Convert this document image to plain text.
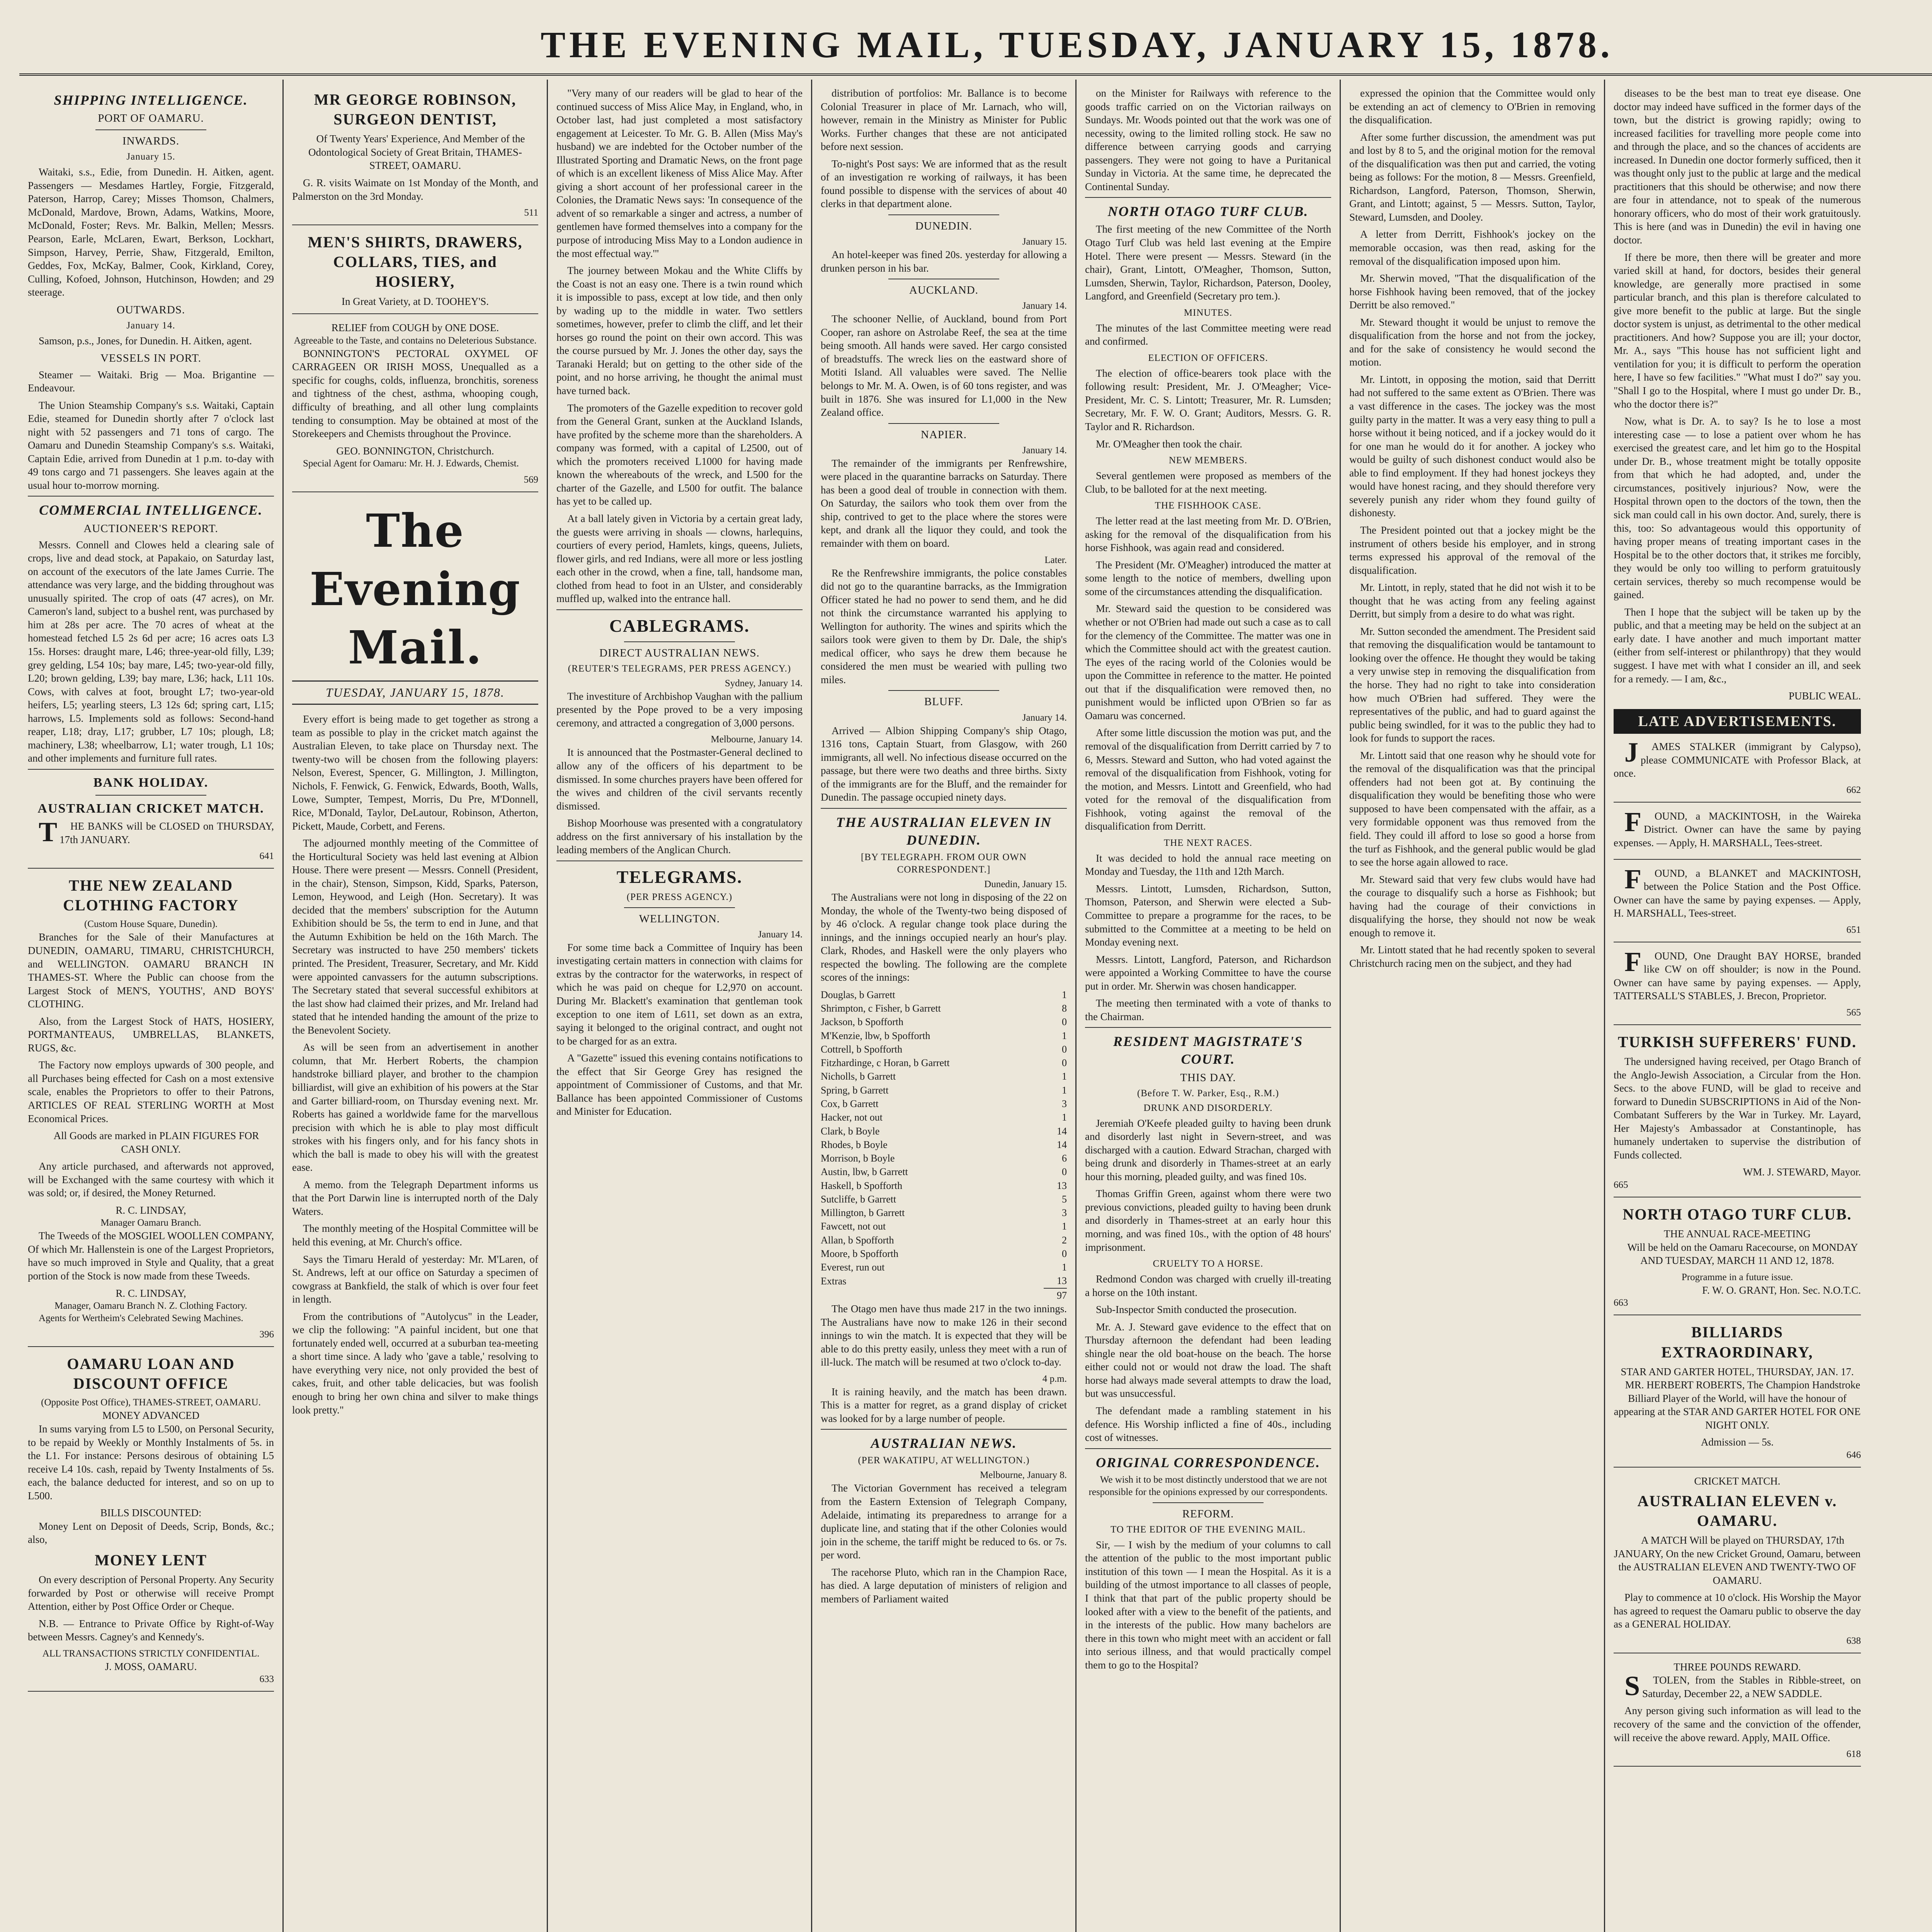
THE EVENING MAIL, TUESDAY, JANUARY 15, 1878.
SHIPPING INTELLIGENCE.
PORT OF OAMARU.
INWARDS.
January 15.

Waitaki, s.s., Edie, from Dunedin. H. Aitken, agent. Passengers — Mesdames Hartley, Forgie, Fitzgerald, Paterson, Harrop, Carey; Misses Thomson, Chalmers, McDonald, Mardove, Brown, Adams, Watkins, Moore, McDonald, Foster; Revs. Mr. Balkin, Mellen; Messrs. Pearson, Earle, McLaren, Ewart, Berkson, Lockhart, Simpson, Harvey, Perrie, Shaw, Fitzgerald, Emilton, Geddes, Fox, McKay, Balmer, Cook, Kirkland, Corey, Culling, Kofoed, Johnson, Hutchinson, Howden; and 29 steerage.

OUTWARDS.
January 14.

Samson, p.s., Jones, for Dunedin. H. Aitken, agent.

VESSELS IN PORT.

Steamer — Waitaki. Brig — Moa. Brigantine — Endeavour.

The Union Steamship Company's s.s. Waitaki, Captain Edie, steamed for Dunedin shortly after 7 o'clock last night with 52 passengers and 71 tons of cargo. The Oamaru and Dunedin Steamship Company's s.s. Waitaki, Captain Edie, arrived from Dunedin at 1 p.m. to-day with 49 tons cargo and 71 passengers. She leaves again at the usual hour to-morrow morning.

COMMERCIAL INTELLIGENCE.
AUCTIONEER'S REPORT.

Messrs. Connell and Clowes held a clearing sale of crops, live and dead stock, at Papakaio, on Saturday last, on account of the executors of the late James Currie. The attendance was very large, and the bidding throughout was unusually spirited. The crop of oats (47 acres), on Mr. Cameron's land, subject to a bushel rent, was purchased by him at 28s per acre. The 70 acres of wheat at the homestead fetched L5 2s 6d per acre; 16 acres oats L3 15s. Horses: draught mare, L46; three-year-old filly, L39; grey gelding, L54 10s; bay mare, L45; two-year-old filly, L20; brown gelding, L39; bay mare, L36; hack, L11 10s. Cows, with calves at foot, brought L7; two-year-old heifers, L5; yearling steers, L3 12s 6d; spring cart, L15; harrows, L5. Implements sold as follows: Second-hand reaper, L18; dray, L17; grubber, L7 10s; plough, L8; machinery, L38; wheelbarrow, L1; water trough, L1 10s; and other implements and furniture full rates.

BANK HOLIDAY.
AUSTRALIAN CRICKET MATCH.

THE BANKS will be CLOSED on THURSDAY, 17th JANUARY.

641
THE NEW ZEALAND CLOTHING FACTORY
(Custom House Square, Dunedin).

Branches for the Sale of their Manufactures at DUNEDIN, OAMARU, TIMARU, CHRISTCHURCH, and WELLINGTON. OAMARU BRANCH IN THAMES-ST. Where the Public can choose from the Largest Stock of MEN'S, YOUTHS', AND BOYS' CLOTHING.

Also, from the Largest Stock of HATS, HOSIERY, PORTMANTEAUS, UMBRELLAS, BLANKETS, RUGS, &c.

The Factory now employs upwards of 300 people, and all Purchases being effected for Cash on a most extensive scale, enables the Proprietors to offer to their Patrons, ARTICLES OF REAL STERLING WORTH at Most Economical Prices.

All Goods are marked in PLAIN FIGURES FOR CASH ONLY.

Any article purchased, and afterwards not approved, will be Exchanged with the same courtesy with which it was sold; or, if desired, the Money Returned.

R. C. LINDSAY,
Manager Oamaru Branch.

The Tweeds of the MOSGIEL WOOLLEN COMPANY, Of which Mr. Hallenstein is one of the Largest Proprietors, have so much improved in Style and Quality, that a great portion of the Stock is now made from these Tweeds.

R. C. LINDSAY,
Manager, Oamaru Branch N. Z. Clothing Factory.

Agents for Wertheim's Celebrated Sewing Machines.

396
OAMARU LOAN AND DISCOUNT OFFICE
(Opposite Post Office), THAMES-STREET, OAMARU.
MONEY ADVANCED

In sums varying from L5 to L500, on Personal Security, to be repaid by Weekly or Monthly Instalments of 5s. in the L1. For instance: Persons desirous of obtaining L5 receive L4 10s. cash, repaid by Twenty Instalments of 5s. each, the balance deducted for interest, and so on up to L500.

BILLS DISCOUNTED:

Money Lent on Deposit of Deeds, Scrip, Bonds, &c.; also,

MONEY LENT

On every description of Personal Property. Any Security forwarded by Post or otherwise will receive Prompt Attention, either by Post Office Order or Cheque.

N.B. — Entrance to Private Office by Right-of-Way between Messrs. Cagney's and Kennedy's.

ALL TRANSACTIONS STRICTLY CONFIDENTIAL.
J. MOSS, OAMARU.
633
MR GEORGE ROBINSON, SURGEON DENTIST,

Of Twenty Years' Experience, And Member of the Odontological Society of Great Britain, THAMES-STREET, OAMARU.

G. R. visits Waimate on 1st Monday of the Month, and Palmerston on the 3rd Monday.

511
MEN'S SHIRTS, DRAWERS, COLLARS, TIES, and HOSIERY,
In Great Variety, at D. TOOHEY'S.
RELIEF from COUGH by ONE DOSE.
Agreeable to the Taste, and contains no Deleterious Substance.

BONNINGTON'S PECTORAL OXYMEL OF CARRAGEEN OR IRISH MOSS, Unequalled as a specific for coughs, colds, influenza, bronchitis, soreness and tightness of the chest, asthma, whooping cough, difficulty of breathing, and all other lung complaints tending to consumption. May be obtained at most of the Storekeepers and Chemists throughout the Province.

GEO. BONNINGTON, Christchurch.

Special Agent for Oamaru: Mr. H. J. Edwards, Chemist.

569
The Evening Mail.
TUESDAY, JANUARY 15, 1878.

Every effort is being made to get together as strong a team as possible to play in the cricket match against the Australian Eleven, to take place on Thursday next. The twenty-two will be chosen from the following players: Nelson, Everest, Spencer, G. Millington, J. Millington, Nichols, F. Fenwick, G. Fenwick, Edwards, Booth, Walls, Lowe, Sumpter, Tempest, Morris, Du Pre, M'Donnell, Rice, M'Donald, Taylor, DeLautour, Robinson, Atherton, Pickett, Maude, Corbett, and Ferens.

The adjourned monthly meeting of the Committee of the Horticultural Society was held last evening at Albion House. There were present — Messrs. Connell (President, in the chair), Stenson, Simpson, Kidd, Sparks, Paterson, Lemon, Heywood, and Leigh (Hon. Secretary). It was decided that the members' subscription for the Autumn Exhibition should be 5s, the term to end in June, and that the Autumn Exhibition be held on the 16th March. The Secretary was instructed to have 250 members' tickets printed. The President, Treasurer, Secretary, and Mr. Kidd were appointed canvassers for the autumn subscriptions. The Secretary stated that several successful exhibitors at the last show had claimed their prizes, and Mr. Ireland had stated that he intended handing the amount of the prize to the Benevolent Society.

As will be seen from an advertisement in another column, that Mr. Herbert Roberts, the champion handstroke billiard player, and brother to the champion billiardist, will give an exhibition of his powers at the Star and Garter billiard-room, on Thursday evening next. Mr. Roberts has gained a worldwide fame for the marvellous precision with which he is able to play most difficult strokes with his fingers only, and for his fancy shots in which the ball is made to obey his will with the greatest ease.

A memo. from the Telegraph Department informs us that the Port Darwin line is interrupted north of the Daly Waters.

The monthly meeting of the Hospital Committee will be held this evening, at Mr. Church's office.

Says the Timaru Herald of yesterday: Mr. M'Laren, of St. Andrews, left at our office on Saturday a specimen of cowgrass at Bankfield, the stalk of which is over four feet in length.

From the contributions of "Autolycus" in the Leader, we clip the following: "A painful incident, but one that fortunately ended well, occurred at a suburban tea-meeting a short time since. A lady who 'gave a table,' resolving to have everything very nice, not only provided the best of cakes, fruit, and other table delicacies, but was foolish enough to bring her own china and silver to make things look pretty."

"Very many of our readers will be glad to hear of the continued success of Miss Alice May, in England, who, in October last, had just completed a most satisfactory engagement at Leicester. To Mr. G. B. Allen (Miss May's husband) we are indebted for the October number of the Illustrated Sporting and Dramatic News, on the front page of which is an excellent likeness of Miss Alice May. After giving a short account of her professional career in the Colonies, the Dramatic News says: 'In consequence of the advent of so remarkable a singer and actress, a number of gentlemen have formed themselves into a company for the purpose of introducing Miss May to a London audience in the most effectual way.'"

The journey between Mokau and the White Cliffs by the Coast is not an easy one. There is a twin round which it is impossible to pass, except at low tide, and then only by wading up to the middle in water. Two settlers sometimes, however, prefer to climb the cliff, and let their horses go round the point on their own accord. This was the course pursued by Mr. J. Jones the other day, says the Taranaki Herald; but on getting to the other side of the point, and no horse arriving, he thought the animal must have turned back.

The promoters of the Gazelle expedition to recover gold from the General Grant, sunken at the Auckland Islands, have profited by the scheme more than the shareholders. A company was formed, with a capital of L2500, out of which the promoters received L1000 for having made known the whereabouts of the wreck, and L500 for the charter of the Gazelle, and L500 for outfit. The balance has yet to be called up.

At a ball lately given in Victoria by a certain great lady, the guests were arriving in shoals — clowns, harlequins, courtiers of every period, Hamlets, kings, queens, Juliets, flower girls, and red Indians, were all more or less jostling each other in the crowd, when a fine, tall, handsome man, clothed from head to foot in an Ulster, and considerably muffled up, walked into the entrance hall.

CABLEGRAMS.
DIRECT AUSTRALIAN NEWS.
(REUTER'S TELEGRAMS, PER PRESS AGENCY.)
Sydney, January 14.

The investiture of Archbishop Vaughan with the pallium presented by the Pope proved to be a very imposing ceremony, and attracted a congregation of 3,000 persons.

Melbourne, January 14.

It is announced that the Postmaster-General declined to allow any of the officers of his department to be dismissed. In some churches prayers have been offered for the wives and children of the civil servants recently dismissed.

Bishop Moorhouse was presented with a congratulatory address on the first anniversary of his installation by the leading members of the Anglican Church.

TELEGRAMS.
(PER PRESS AGENCY.)
WELLINGTON.
January 14.

For some time back a Committee of Inquiry has been investigating certain matters in connection with claims for extras by the contractor for the waterworks, in respect of which he was paid on cheque for L2,970 on account. During Mr. Blackett's examination that gentleman took exception to one item of L611, set down as an extra, saying it belonged to the original contract, and ought not to be charged for as an extra.

A "Gazette" issued this evening contains notifications to the effect that Sir George Grey has resigned the appointment of Commissioner of Customs, and that Mr. Ballance has been appointed Commissioner of Customs and Minister for Education.

distribution of portfolios: Mr. Ballance is to become Colonial Treasurer in place of Mr. Larnach, who will, however, remain in the Ministry as Minister for Public Works. Further changes that these are not anticipated before next session.

To-night's Post says: We are informed that as the result of an investigation re working of railways, it has been found possible to dispense with the services of about 40 clerks in that department alone.

DUNEDIN.
January 15.

An hotel-keeper was fined 20s. yesterday for allowing a drunken person in his bar.

AUCKLAND.
January 14.

The schooner Nellie, of Auckland, bound from Port Cooper, ran ashore on Astrolabe Reef, the sea at the time being smooth. All hands were saved. Her cargo consisted of breadstuffs. The wreck lies on the eastward shore of Motiti Island. All valuables were saved. The Nellie belongs to Mr. M. A. Owen, is of 60 tons register, and was built in 1876. She was insured for L1,000 in the New Zealand office.

NAPIER.
January 14.

The remainder of the immigrants per Renfrewshire, were placed in the quarantine barracks on Saturday. There has been a good deal of trouble in connection with them. On Saturday, the sailors who took them over from the ship, contrived to get to the place where the stores were kept, and drank all the liquor they could, and took the remainder with them on board.

Later.

Re the Renfrewshire immigrants, the police constables did not go to the quarantine barracks, as the Immigration Officer stated he had no power to send them, and he did not think the circumstance warranted his applying to Wellington for authority. The wines and spirits which the sailors took were given to them by Dr. Dale, the ship's medical officer, who says he drew them because he considered the men must be wearied with pulling two miles.

BLUFF.
January 14.

Arrived — Albion Shipping Company's ship Otago, 1316 tons, Captain Stuart, from Glasgow, with 260 immigrants, all well. No infectious disease occurred on the passage, but there were two deaths and three births. Sixty of the immigrants are for the Bluff, and the remainder for Dunedin. The passage occupied ninety days.

THE AUSTRALIAN ELEVEN IN DUNEDIN.
[BY TELEGRAPH. FROM OUR OWN CORRESPONDENT.]
Dunedin, January 15.

The Australians were not long in disposing of the 22 on Monday, the whole of the Twenty-two being disposed of by 46 o'clock. A regular change took place during the innings, and the innings occupied nearly an hour's play. Clark, Rhodes, and Haskell were the only players who respected the bowling. The following are the complete scores of the innings:

Douglas, b Garrett	1
Shrimpton, c Fisher, b Garrett	8
Jackson, b Spofforth	0
M'Kenzie, lbw, b Spofforth	1
Cottrell, b Spofforth	0
Fitzhardinge, c Horan, b Garrett	0
Nicholls, b Garrett	1
Spring, b Garrett	1
Cox, b Garrett	3
Hacker, not out	1
Clark, b Boyle	14
Rhodes, b Boyle	14
Morrison, b Boyle	6
Austin, lbw, b Garrett	0
Haskell, b Spofforth	13
Sutcliffe, b Garrett	5
Millington, b Garrett	3
Fawcett, not out	1
Allan, b Spofforth	2
Moore, b Spofforth	0
Everest, run out	1
Extras	13
	97

The Otago men have thus made 217 in the two innings. The Australians have now to make 126 in their second innings to win the match. It is expected that they will be able to do this pretty easily, unless they meet with a run of ill-luck. The match will be resumed at two o'clock to-day.

4 p.m.

It is raining heavily, and the match has been drawn. This is a matter for regret, as a grand display of cricket was looked for by a large number of people.

AUSTRALIAN NEWS.
(PER WAKATIPU, AT WELLINGTON.)
Melbourne, January 8.

The Victorian Government has received a telegram from the Eastern Extension of Telegraph Company, Adelaide, intimating its preparedness to arrange for a duplicate line, and stating that if the other Colonies would join in the scheme, the tariff might be reduced to 6s. or 7s. per word.

The racehorse Pluto, which ran in the Champion Race, has died. A large deputation of ministers of religion and members of Parliament waited

on the Minister for Railways with reference to the goods traffic carried on on the Victorian railways on Sundays. Mr. Woods pointed out that the work was one of necessity, owing to the limited rolling stock. He saw no difference between carrying goods and carrying passengers. They were not going to have a Puritanical Sunday in Victoria. At the same time, he deprecated the Continental Sunday.

NORTH OTAGO TURF CLUB.

The first meeting of the new Committee of the North Otago Turf Club was held last evening at the Empire Hotel. There were present — Messrs. Steward (in the chair), Grant, Lintott, O'Meagher, Thomson, Sutton, Lumsden, Sherwin, Taylor, Richardson, Paterson, Dooley, Langford, and Greenfield (Secretary pro tem.).

MINUTES.

The minutes of the last Committee meeting were read and confirmed.

ELECTION OF OFFICERS.

The election of office-bearers took place with the following result: President, Mr. J. O'Meagher; Vice-President, Mr. C. S. Lintott; Treasurer, Mr. R. Lumsden; Secretary, Mr. F. W. O. Grant; Auditors, Messrs. G. R. Taylor and R. Richardson.

Mr. O'Meagher then took the chair.

NEW MEMBERS.

Several gentlemen were proposed as members of the Club, to be balloted for at the next meeting.

THE FISHHOOK CASE.

The letter read at the last meeting from Mr. D. O'Brien, asking for the removal of the disqualification from his horse Fishhook, was again read and considered.

The President (Mr. O'Meagher) introduced the matter at some length to the notice of members, dwelling upon some of the circumstances attending the disqualification.

Mr. Steward said the question to be considered was whether or not O'Brien had made out such a case as to call for the clemency of the Committee. The matter was one in which the Committee should act with the greatest caution. The eyes of the racing world of the Colonies would be upon the Committee in reference to the matter. He pointed out that if the disqualification were removed then, no punishment would be inflicted upon O'Brien so far as Oamaru was concerned.

After some little discussion the motion was put, and the removal of the disqualification from Derritt carried by 7 to 6, Messrs. Steward and Sutton, who had voted against the removal of the disqualification from Fishhook, voting for the motion, and Messrs. Lintott and Greenfield, who had voted for the removal of the disqualification from Fishhook, voting against the removal of the disqualification from Derritt.

THE NEXT RACES.

It was decided to hold the annual race meeting on Monday and Tuesday, the 11th and 12th March.

Messrs. Lintott, Lumsden, Richardson, Sutton, Thomson, Paterson, and Sherwin were elected a Sub-Committee to prepare a programme for the races, to be submitted to the Committee at a meeting to be held on Monday evening next.

Messrs. Lintott, Langford, Paterson, and Richardson were appointed a Working Committee to have the course put in order. Mr. Sherwin was chosen handicapper.

The meeting then terminated with a vote of thanks to the Chairman.

RESIDENT MAGISTRATE'S COURT.
THIS DAY.
(Before T. W. Parker, Esq., R.M.)
DRUNK AND DISORDERLY.

Jeremiah O'Keefe pleaded guilty to having been drunk and disorderly last night in Severn-street, and was discharged with a caution. Edward Strachan, charged with being drunk and disorderly in Thames-street at an early hour this morning, pleaded guilty, and was fined 10s.

Thomas Griffin Green, against whom there were two previous convictions, pleaded guilty to having been drunk and disorderly in Thames-street at an early hour this morning, and was fined 10s., with the option of 48 hours' imprisonment.

CRUELTY TO A HORSE.

Redmond Condon was charged with cruelly ill-treating a horse on the 10th instant.

Sub-Inspector Smith conducted the prosecution.

Mr. A. J. Steward gave evidence to the effect that on Thursday afternoon the defendant had been leading shingle near the old boat-house on the beach. The horse either could not or would not draw the load. The shaft horse had always made several attempts to draw the load, but was unsuccessful.

The defendant made a rambling statement in his defence. His Worship inflicted a fine of 40s., including cost of witnesses.

ORIGINAL CORRESPONDENCE.

We wish it to be most distinctly understood that we are not responsible for the opinions expressed by our correspondents.

REFORM.
TO THE EDITOR OF THE EVENING MAIL.

Sir, — I wish by the medium of your columns to call the attention of the public to the most important public institution of this town — I mean the Hospital. As it is a building of the utmost importance to all classes of people, I think that that part of the public property should be looked after with a view to the benefit of the patients, and in the interests of the public. How many bachelors are there in this town who might meet with an accident or fall into serious illness, and that would practically compel them to go to the Hospital?

expressed the opinion that the Committee would only be extending an act of clemency to O'Brien in removing the disqualification.

After some further discussion, the amendment was put and lost by 8 to 5, and the original motion for the removal of the disqualification was then put and carried, the voting being as follows: For the motion, 8 — Messrs. Greenfield, Richardson, Langford, Paterson, Thomson, Sherwin, Grant, and Lintott; against, 5 — Messrs. Sutton, Taylor, Steward, Lumsden, and Dooley.

A letter from Derritt, Fishhook's jockey on the memorable occasion, was then read, asking for the removal of the disqualification imposed upon him.

Mr. Sherwin moved, "That the disqualification of the horse Fishhook having been removed, that of the jockey Derritt be also removed."

Mr. Steward thought it would be unjust to remove the disqualification from the horse and not from the jockey, and for the sake of consistency he would second the motion.

Mr. Lintott, in opposing the motion, said that Derritt had not suffered to the same extent as O'Brien. There was a vast difference in the cases. The jockey was the most guilty party in the matter. It was a very easy thing to pull a horse without it being noticed, and if a jockey would do it for one man he would do it for another. A jockey who would be guilty of such dishonest conduct would also be able to find employment. If they had honest jockeys they would have honest racing, and they should therefore very severely punish any rider whom they found guilty of dishonesty.

The President pointed out that a jockey might be the instrument of others beside his employer, and in strong terms expressed his approval of the removal of the disqualification.

Mr. Lintott, in reply, stated that he did not wish it to be thought that he was acting from any feeling against Derritt, but simply from a desire to do what was right.

Mr. Sutton seconded the amendment. The President said that removing the disqualification would be tantamount to looking over the offence. He thought they would be taking a very unwise step in removing the disqualification from the horse. They had no right to take into consideration how much O'Brien had suffered. They were the representatives of the public, and had to guard against the public being swindled, for it was to the public they had to look for funds to support the races.

Mr. Lintott said that one reason why he should vote for the removal of the disqualification was that the principal offenders had not been got at. By continuing the disqualification they would be benefiting those who were supposed to have been compensated with the affair, as a very formidable opponent was thus removed from the field. They could ill afford to lose so good a horse from the turf as Fishhook, and the general public would be glad to see the horse again allowed to race.

Mr. Steward said that very few clubs would have had the courage to disqualify such a horse as Fishhook; but having had the courage of their convictions in disqualifying the horse, they should not now be weak enough to remove it.

Mr. Lintott stated that he had recently spoken to several Christchurch racing men on the subject, and they had

diseases to be the best man to treat eye disease. One doctor may indeed have sufficed in the former days of the town, but the district is growing rapidly; owing to increased facilities for travelling more people come into and through the place, and so the chances of accidents are increased. In Dunedin one doctor formerly sufficed, then it was thought only just to the public at large and the medical practitioners that this should be otherwise; and now there are four in attendance, not to speak of the numerous honorary officers, who do most of their work gratuitously. This is here (and was in Dunedin) the evil in having one doctor.

If there be more, then there will be greater and more varied skill at hand, for doctors, besides their general knowledge, are generally more practised in some particular branch, and this plan is therefore calculated to give more benefit to the public at large. But the single doctor system is unjust, as detrimental to the other medical practitioners. And how? Suppose you are ill; your doctor, Mr. A., says "This house has not sufficient light and ventilation for you; it is difficult to perform the operation here, I have so few facilities." "What must I do?" say you. "Shall I go to the Hospital, where I must go under Dr. B., who the doctor there is?"

Now, what is Dr. A. to say? Is he to lose a most interesting case — to lose a patient over whom he has exercised the greatest care, and let him go to the Hospital under Dr. B., whose treatment might be totally opposite from that which he had adopted, and, under the circumstances, positively injurious? Now, were the Hospital thrown open to the doctors of the town, then the sick man could call in his own doctor. And, surely, there is this, too: So advantageous would this opportunity of having proper means of treating important cases in the Hospital be to the other doctors that, it strikes me forcibly, they would be only too willing to perform gratuitously certain services, thereby so much recompense would be gained.

Then I hope that the subject will be taken up by the public, and that a meeting may be held on the subject at an early date. I have another and much important matter (either from self-interest or philanthropy) that they would suggest. I have met with what I consider an ill, and seek for a remedy. — I am, &c.,

PUBLIC WEAL.
LATE ADVERTISEMENTS.

JAMES STALKER (immigrant by Calypso), please COMMUNICATE with Professor Black, at once.

662

FOUND, a MACKINTOSH, in the Waireka District. Owner can have the same by paying expenses. — Apply, H. MARSHALL, Tees-street.

FOUND, a BLANKET and MACKINTOSH, between the Police Station and the Post Office. Owner can have the same by paying expenses. — Apply, H. MARSHALL, Tees-street.

651

FOUND, One Draught BAY HORSE, branded like CW on off shoulder; is now in the Pound. Owner can have same by paying expenses. — Apply, TATTERSALL'S STABLES, J. Brecon, Proprietor.

565
TURKISH SUFFERERS' FUND.

The undersigned having received, per Otago Branch of the Anglo-Jewish Association, a Circular from the Hon. Secs. to the above FUND, will be glad to receive and forward to Dunedin SUBSCRIPTIONS in Aid of the Non-Combatant Sufferers by the War in Turkey. Mr. Layard, Her Majesty's Ambassador at Constantinople, has humanely undertaken to supervise the distribution of Funds collected.

WM. J. STEWARD, Mayor.
665
NORTH OTAGO TURF CLUB.
THE ANNUAL RACE-MEETING

Will be held on the Oamaru Racecourse, on MONDAY AND TUESDAY, MARCH 11 AND 12, 1878.

Programme in a future issue.
F. W. O. GRANT, Hon. Sec. N.O.T.C.
663
BILLIARDS EXTRAORDINARY,
STAR AND GARTER HOTEL, THURSDAY, JAN. 17.

MR. HERBERT ROBERTS, The Champion Handstroke Billiard Player of the World, will have the honour of appearing at the STAR AND GARTER HOTEL FOR ONE NIGHT ONLY.

Admission — 5s.
646
CRICKET MATCH.
AUSTRALIAN ELEVEN v. OAMARU.

A MATCH Will be played on THURSDAY, 17th JANUARY, On the new Cricket Ground, Oamaru, between the AUSTRALIAN ELEVEN AND TWENTY-TWO OF OAMARU.

Play to commence at 10 o'clock. His Worship the Mayor has agreed to request the Oamaru public to observe the day as a GENERAL HOLIDAY.

638
THREE POUNDS REWARD.

STOLEN, from the Stables in Ribble-street, on Saturday, December 22, a NEW SADDLE.

Any person giving such information as will lead to the recovery of the same and the conviction of the offender, will receive the above reward. Apply, MAIL Office.

618
